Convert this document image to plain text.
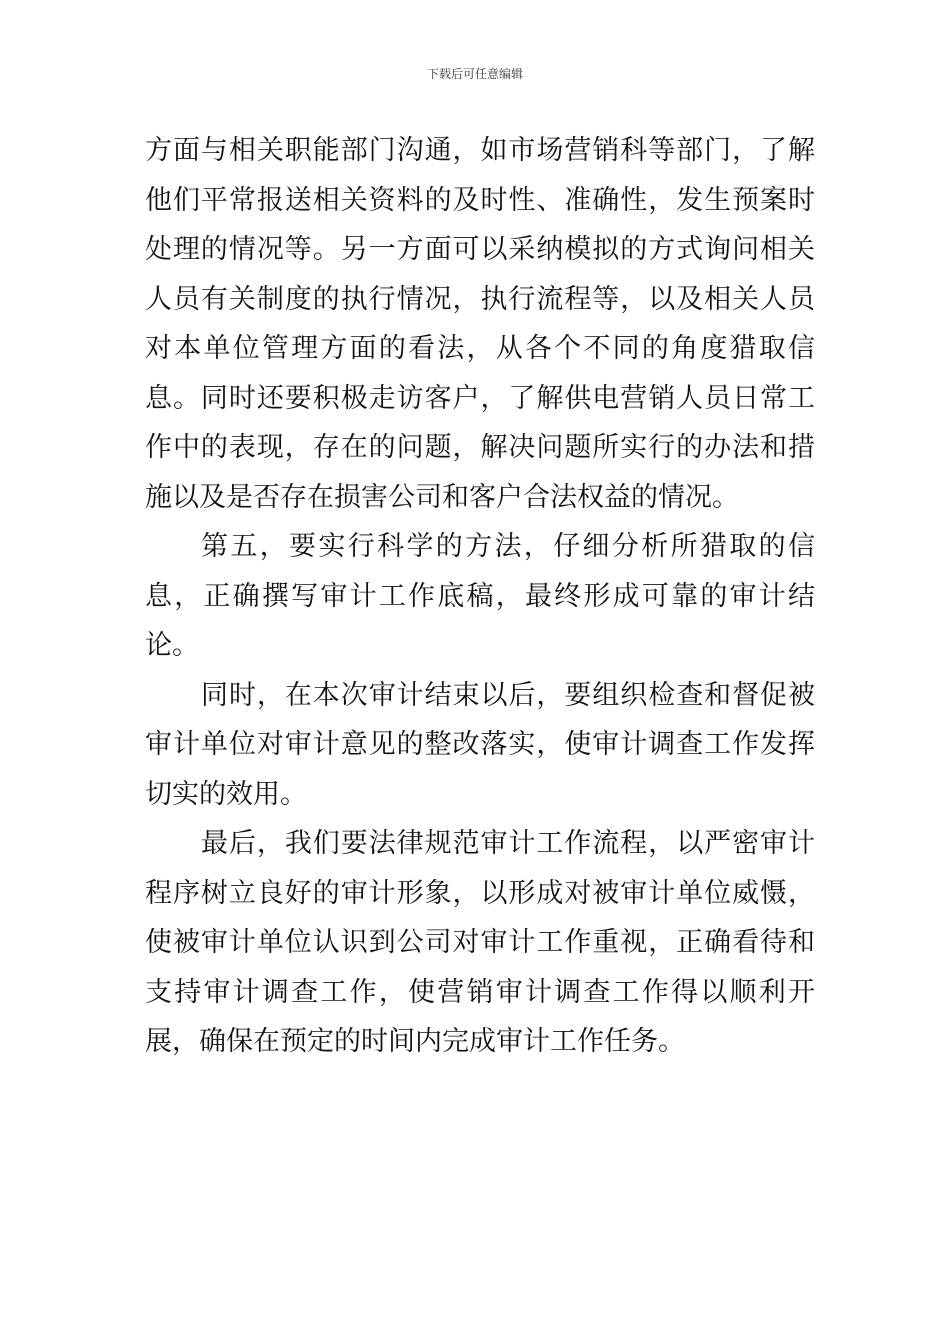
下载后可任意编辑

方面与相关职能部门沟通，如市场营销科等部门，了解他们平常报送相关资料的及时性、准确性，发生预案时处理的情况等。另一方面可以采纳模拟的方式询问相关人员有关制度的执行情况，执行流程等，以及相关人员对本单位管理方面的看法，从各个不同的角度猎取信息。同时还要积极走访客户，了解供电营销人员日常工作中的表现，存在的问题，解决问题所实行的办法和措施以及是否存在损害公司和客户合法权益的情况。

第五，要实行科学的方法，仔细分析所猎取的信息，正确撰写审计工作底稿，最终形成可靠的审计结论。

同时，在本次审计结束以后，要组织检查和督促被审计单位对审计意见的整改落实，使审计调查工作发挥切实的效用。

最后，我们要法律规范审计工作流程，以严密审计程序树立良好的审计形象，以形成对被审计单位威慑，使被审计单位认识到公司对审计工作重视，正确看待和支持审计调查工作，使营销审计调查工作得以顺利开展，确保在预定的时间内完成审计工作任务。
